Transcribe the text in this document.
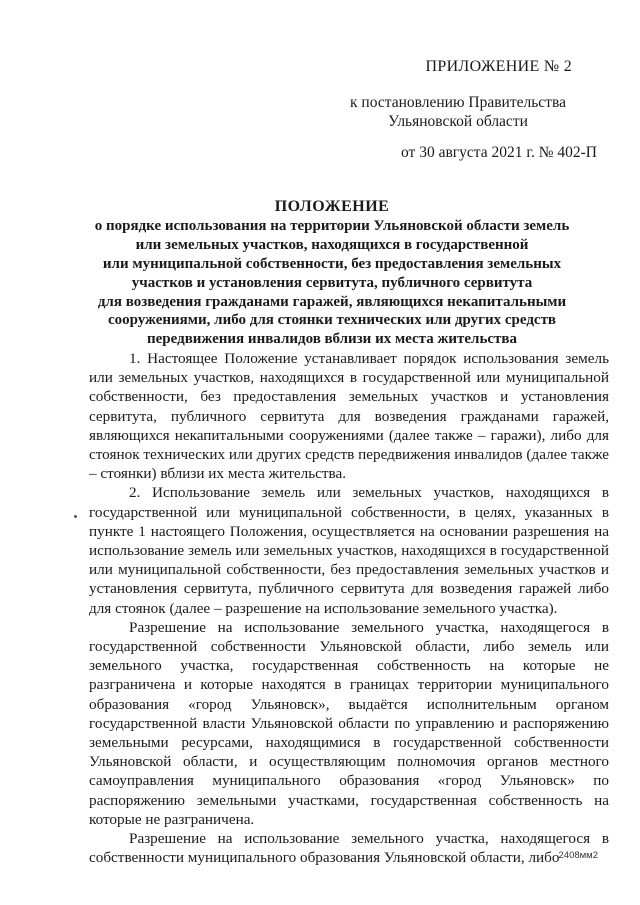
ПРИЛОЖЕНИЕ № 2
к постановлению Правительства
Ульяновской области
от 30 августа 2021 г. № 402-П
ПОЛОЖЕНИЕ
о порядке использования на территории Ульяновской области земель
или земельных участков, находящихся в государственной
или муниципальной собственности, без предоставления земельных
участков и установления сервитута, публичного сервитута
для возведения гражданами гаражей, являющихся некапитальными
сооружениями, либо для стоянки технических или других средств
передвижения инвалидов вблизи их места жительства

1. Настоящее Положение устанавливает порядок использования земель или земельных участков, находящихся в государственной или муниципальной собственности, без предоставления земельных участков и установления сервитута, публичного сервитута для возведения гражданами гаражей, являющихся некапитальными сооружениями (далее также – гаражи), либо для стоянок технических или других средств передвижения инвалидов (далее также – стоянки) вблизи их места жительства.

2. Использование земель или земельных участков, находящихся в государственной или муниципальной собственности, в целях, указанных в пункте 1 настоящего Положения, осуществляется на основании разрешения на использование земель или земельных участков, находящихся в государственной или муниципальной собственности, без предоставления земельных участков и установления сервитута, публичного сервитута для возведения гаражей либо для стоянок (далее – разрешение на использование земельного участка).

Разрешение на использование земельного участка, находящегося в государственной собственности Ульяновской области, либо земель или земельного участка, государственная собственность на которые не разграничена и которые находятся в границах территории муниципального образования «город Ульяновск», выдаётся исполнительным органом государственной власти Ульяновской области по управлению и распоряжению земельными ресурсами, находящимися в государственной собственности Ульяновской области, и осуществляющим полномочия органов местного самоуправления муниципального образования «город Ульяновск» по распоряжению земельными участками, государственная собственность на которые не разграничена.

Разрешение на использование земельного участка, находящегося в собственности муниципального образования Ульяновской области, либо 2408мм2
